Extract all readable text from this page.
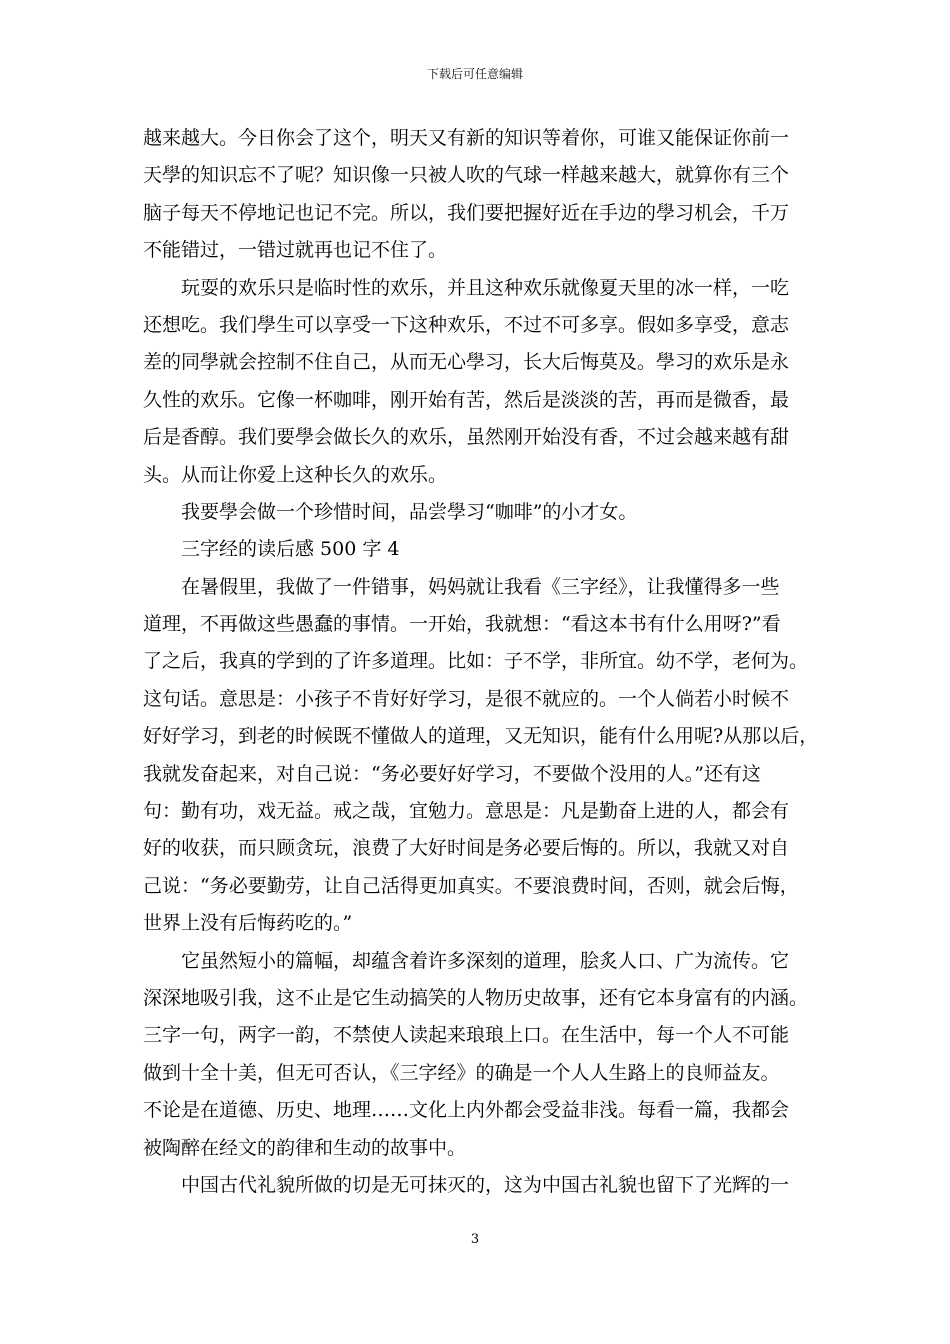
下载后可任意编辑
越来越大。今日你会了这个，明天又有新的知识等着你，可谁又能保证你前一
天學的知识忘不了呢？知识像一只被人吹的气球一样越来越大，就算你有三个
脑子每天不停地记也记不完。所以，我们要把握好近在手边的學习机会，千万
不能错过，一错过就再也记不住了。
玩耍的欢乐只是临时性的欢乐，并且这种欢乐就像夏天里的冰一样，一吃
还想吃。我们學生可以享受一下这种欢乐，不过不可多享。假如多享受，意志
差的同學就会控制不住自己，从而无心學习，长大后悔莫及。學习的欢乐是永
久性的欢乐。它像一杯咖啡，刚开始有苦，然后是淡淡的苦，再而是微香，最
后是香醇。我们要學会做长久的欢乐，虽然刚开始没有香，不过会越来越有甜
头。从而让你爱上这种长久的欢乐。
我要學会做一个珍惜时间，品尝學习“咖啡”的小才女。
三字经的读后感 500 字 4
在暑假里，我做了一件错事，妈妈就让我看《三字经》，让我懂得多一些
道理，不再做这些愚蠢的事情。一开始，我就想：“看这本书有什么用呀?”看
了之后，我真的学到的了许多道理。比如：子不学，非所宜。幼不学，老何为。
这句话。意思是：小孩子不肯好好学习，是很不就应的。一个人倘若小时候不
好好学习，到老的时候既不懂做人的道理，又无知识，能有什么用呢?从那以后，
我就发奋起来，对自己说：“务必要好好学习，不要做个没用的人。”还有这
句：勤有功，戏无益。戒之哉，宜勉力。意思是：凡是勤奋上进的人，都会有
好的收获，而只顾贪玩，浪费了大好时间是务必要后悔的。所以，我就又对自
己说：“务必要勤劳，让自己活得更加真实。不要浪费时间，否则，就会后悔，
世界上没有后悔药吃的。”
它虽然短小的篇幅，却蕴含着许多深刻的道理，脍炙人口、广为流传。它
深深地吸引我，这不止是它生动搞笑的人物历史故事，还有它本身富有的内涵。
三字一句，两字一韵，不禁使人读起来琅琅上口。在生活中，每一个人不可能
做到十全十美，但无可否认，《三字经》的确是一个人人生路上的良师益友。
不论是在道德、历史、地理……文化上内外都会受益非浅。每看一篇，我都会
被陶醉在经文的韵律和生动的故事中。
中国古代礼貌所做的切是无可抹灭的，这为中国古礼貌也留下了光辉的一
3
